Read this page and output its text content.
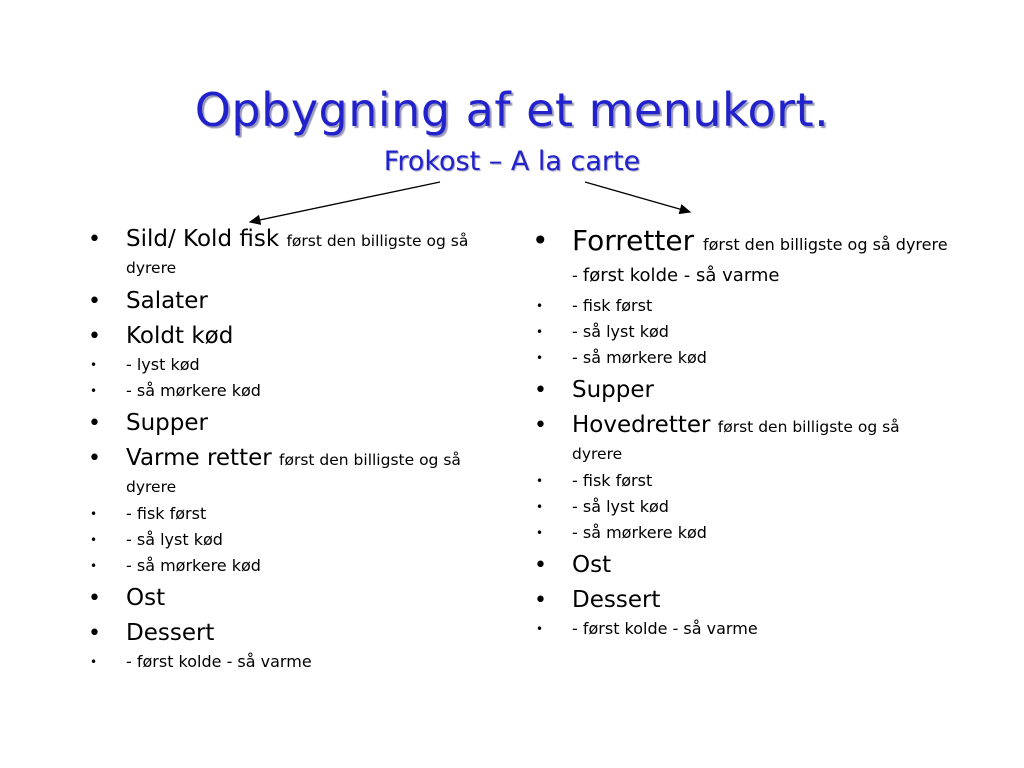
Opbygning af et menukort.
Frokost – A la carte
• Sild/ Kold fisk først den billigste og så dyrere
• Salater
• Koldt kød
• - lyst kød
• - så mørkere kød
• Supper
• Varme retter først den billigste og så dyrere
• - fisk først
• - så lyst kød
• - så mørkere kød
• Ost
• Dessert
• - først kolde - så varme
• Forretter først den billigste og så dyrere - først kolde - så varme
• - fisk først
• - så lyst kød
• - så mørkere kød
• Supper
• Hovedretter først den billigste og så dyrere
• - fisk først
• - så lyst kød
• - så mørkere kød
• Ost
• Dessert
• - først kolde - så varme
